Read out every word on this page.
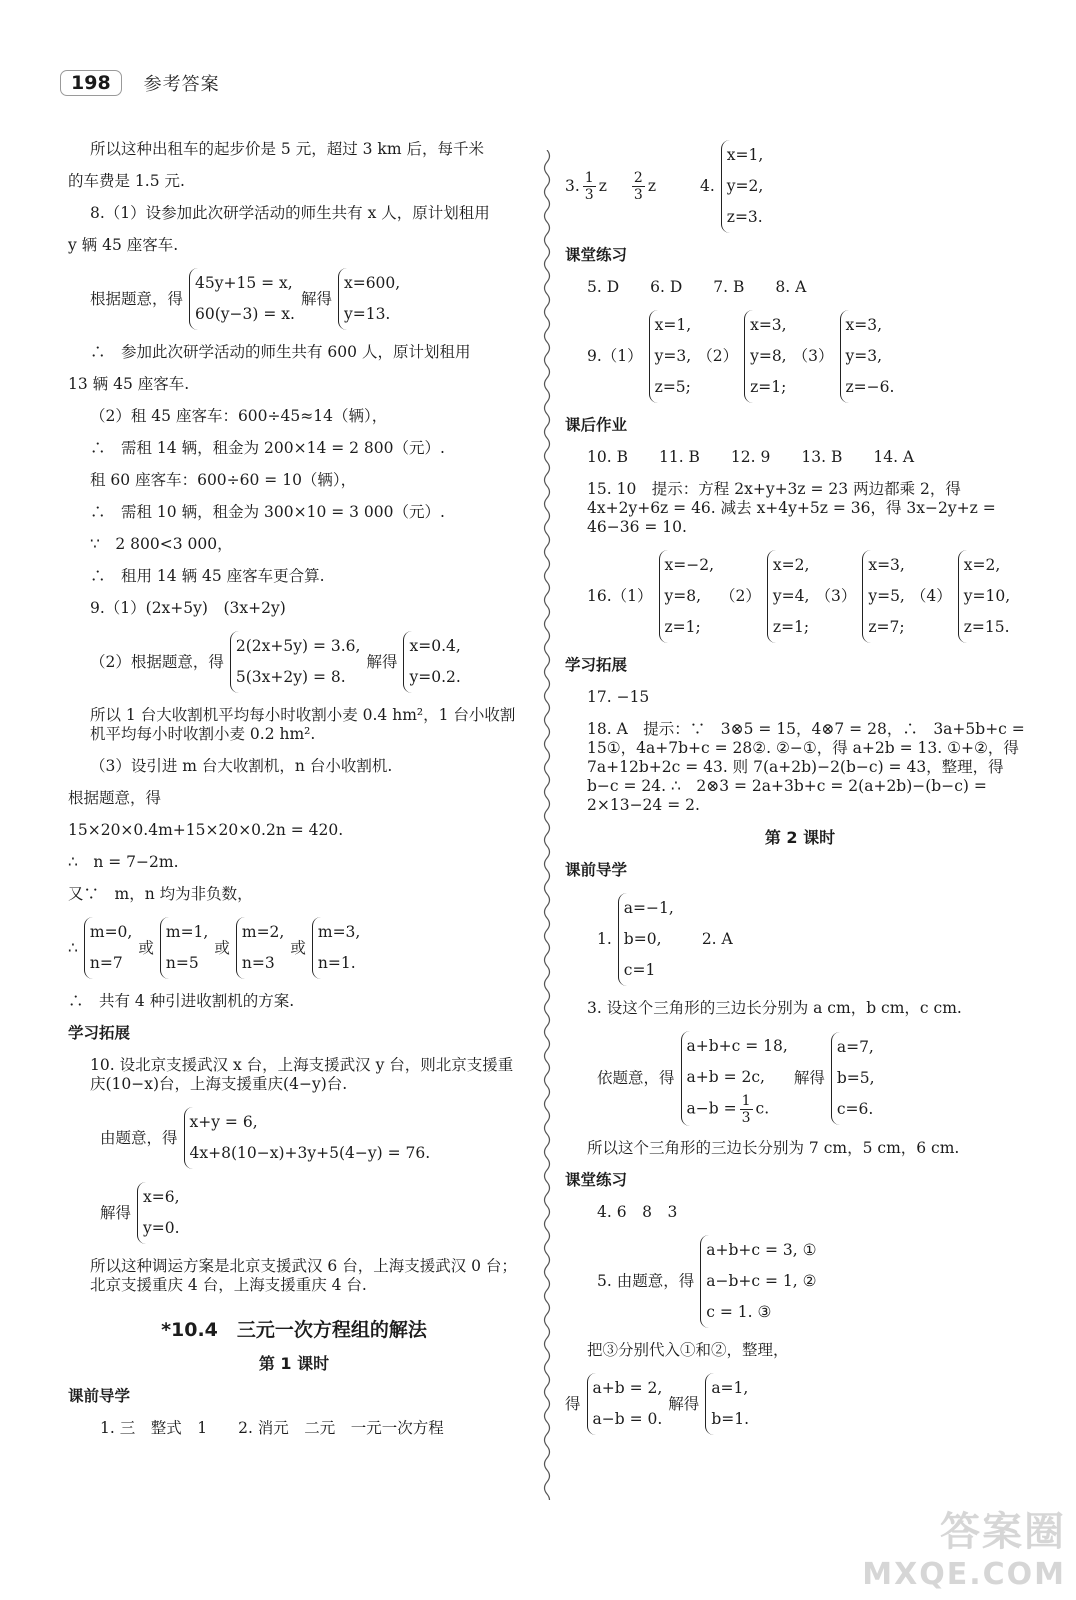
198	参考答案

所以这种出租车的起步价是 5 元，超过 3 km 后，每千米

的车费是 1.5 元.

8.（1）设参加此次研学活动的师生共有 x 人，原计划租用

y 辆 45 座客车.

根据题意，得
45y+15 = x,
60(y−3) = x.
解得
x=600,
y=13.

∴　参加此次研学活动的师生共有 600 人，原计划租用

13 辆 45 座客车.

（2）租 45 座客车：600÷45≈14（辆），

∴　需租 14 辆，租金为 200×14 = 2 800（元）.

租 60 座客车：600÷60 = 10（辆），

∴　需租 10 辆，租金为 300×10 = 3 000（元）.

∵　2 800<3 000，

∴　租用 14 辆 45 座客车更合算.

9.（1）(2x+5y)　(3x+2y)

（2）根据题意，得
2(2x+5y) = 3.6,
5(3x+2y) = 8.
解得
x=0.4,
y=0.2.

所以 1 台大收割机平均每小时收割小麦 0.4 hm²，1 台小收割机平均每小时收割小麦 0.2 hm².

（3）设引进 m 台大收割机，n 台小收割机.

根据题意，得

15×20×0.4m+15×20×0.2n = 420.

∴　n = 7−2m.

又∵　m，n 均为非负数，

∴
m=0,
n=7
或
m=1,
n=5
或
m=2,
n=3
或
m=3,
n=1.

∴　共有 4 种引进收割机的方案.

学习拓展

10. 设北京支援武汉 x 台，上海支援武汉 y 台，则北京支援重庆(10−x)台，上海支援重庆(4−y)台.

由题意，得
x+y = 6,
4x+8(10−x)+3y+5(4−y) = 76.
解得
x=6,
y=0.

所以这种调运方案是北京支援武汉 6 台，上海支援武汉 0 台；北京支援重庆 4 台，上海支援重庆 4 台.

*10.4　三元一次方程组的解法
第 1 课时
课前导学

1. 三　整式　1　　2. 消元　二元　一元一次方程

3. 1
3 z 2
3 z	4.
x=1,
y=2,
z=3.
课堂练习

5. D　　6. D　　7. B　　8. A

9.（1）
x=1,
y=3,
z=5;
（2）
x=3,
y=8,
z=1;
（3）
x=3,
y=3,
z=−6.
课后作业

10. B　　11. B　　12. 9　　13. B　　14. A

15. 10　提示：方程 2x+y+3z = 23 两边都乘 2，得 4x+2y+6z = 46. 减去 x+4y+5z = 36，得 3x−2y+z = 46−36 = 10.

16.（1）
x=−2,
y=8,
z=1;
（2）
x=2,
y=4,
z=1;
（3）
x=3,
y=5,
z=7;
（4）
x=2,
y=10,
z=15.
学习拓展

17. −15

18. A　提示：∵　3⊗5 = 15，4⊗7 = 28，∴　3a+5b+c = 15①，4a+7b+c = 28②. ②−①，得 a+2b = 13. ①+②，得 7a+12b+2c = 43. 则 7(a+2b)−2(b−c) = 43，整理，得 b−c = 24. ∴　2⊗3 = 2a+3b+c = 2(a+2b)−(b−c) = 2×13−24 = 2.

第 2 课时
课前导学
1.
a=−1,
b=0,
c=1
2. A

3. 设这个三角形的三边长分别为 a cm，b cm，c cm.

依题意，得
a+b+c = 18,
a+b = 2c,
$a-b = \frac{1}{3} c$.
解得
a=7,
b=5,
c=6.

所以这个三角形的三边长分别为 7 cm，5 cm，6 cm.

课堂练习

4. 6　8　3

5. 由题意，得
a+b+c = 3, ①
a−b+c = 1, ②
c = 1. ③

把③分别代入①和②，整理，

得
a+b = 2,
a−b = 0.
解得
a=1,
b=1.
答案圈
MXQE.COM
